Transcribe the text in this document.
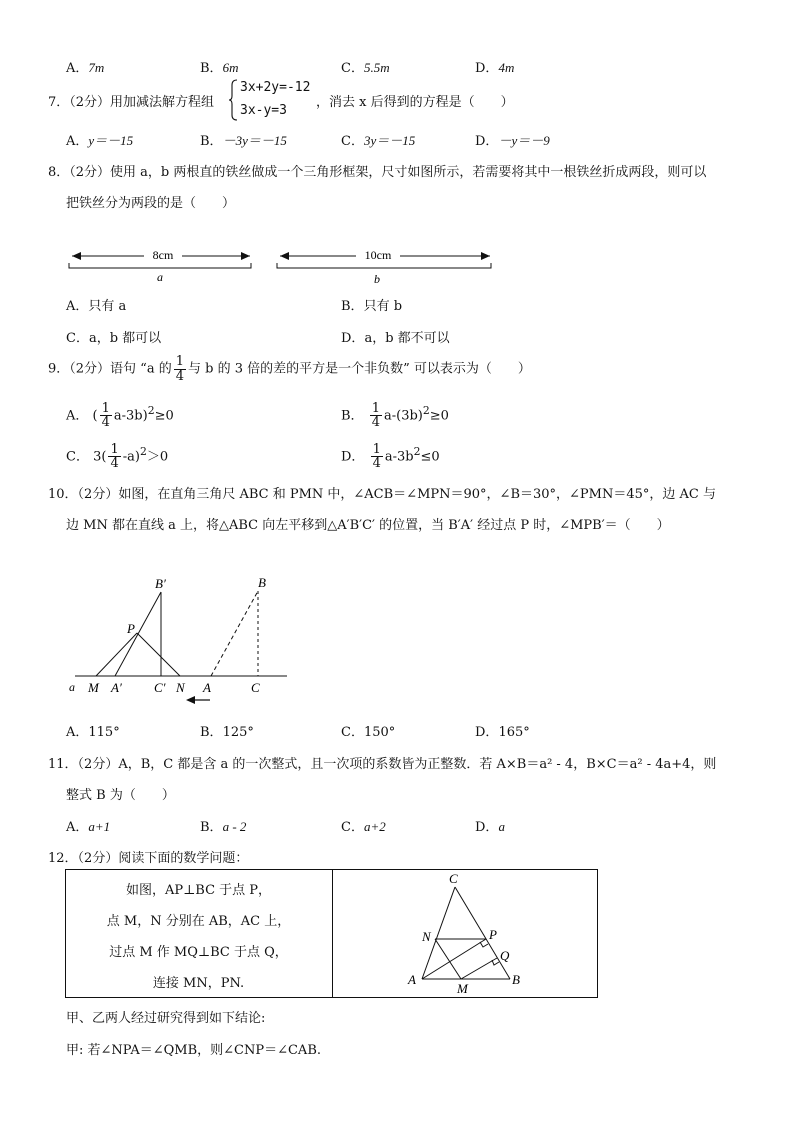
A．7m	B．6m	C．5.5m	D．4m
7．（2分）用加减法解方程组
3x+2y=-12
3x-y=3
，消去 x 后得到的方程是（　　）
A．y＝－15	B．－3y＝－15	C．3y＝－15	D．－y＝－9
8．（2分）使用 a，b 两根直的铁丝做成一个三角形框架，尺寸如图所示，若需要将其中一根铁丝折成两段，则可以
把铁丝分为两段的是（　　）
8cm
a
10cm
b
A．只有 a	B．只有 b
C．a，b 都可以	D．a，b 都不可以
9．（2分）语句 “a 的 $\frac{1}{4}$ 与 b 的 3 倍的差的平方是一个非负数” 可以表示为（　　）
A． ( $\frac{1}{4} a-3b)^2\ge 0$	B． $\frac{1}{4} a-(3b)^2\ge 0$
C． $3( \frac{1}{4} -a)^2>0$	D． $\frac{1}{4} a-3b^2\le 0$
10．（2分）如图，在直角三角尺 ABC 和 PMN 中，∠ACB＝∠MPN＝90°，∠B＝30°，∠PMN＝45°，边 AC 与
边 MN 都在直线 a 上，将△ABC 向左平移到△A′B′C′ 的位置，当 B′A′ 经过点 P 时，∠MPB′＝（　　）
B′	B
P
a M A′ C′ N A	C
A．115°	B．125°	C．150°	D．165°
11．（2分）A，B，C 都是含 a 的一次整式，且一次项的系数皆为正整数．若 A×B＝a² - 4，B×C＝a² - 4a+4，则
整式 B 为（　　）
A．a+1	B．a - 2	C．a+2	D．a
12．（2分）阅读下面的数学问题：
如图，AP⊥BC 于点 P，
点 M，N 分别在 AB，AC 上，
过点 M 作 MQ⊥BC 于点 Q，
连接 MN，PN.
C
N	P
Q
A
M
B
甲、乙两人经过研究得到如下结论:
甲: 若∠NPA＝∠QMB，则∠CNP＝∠CAB.
